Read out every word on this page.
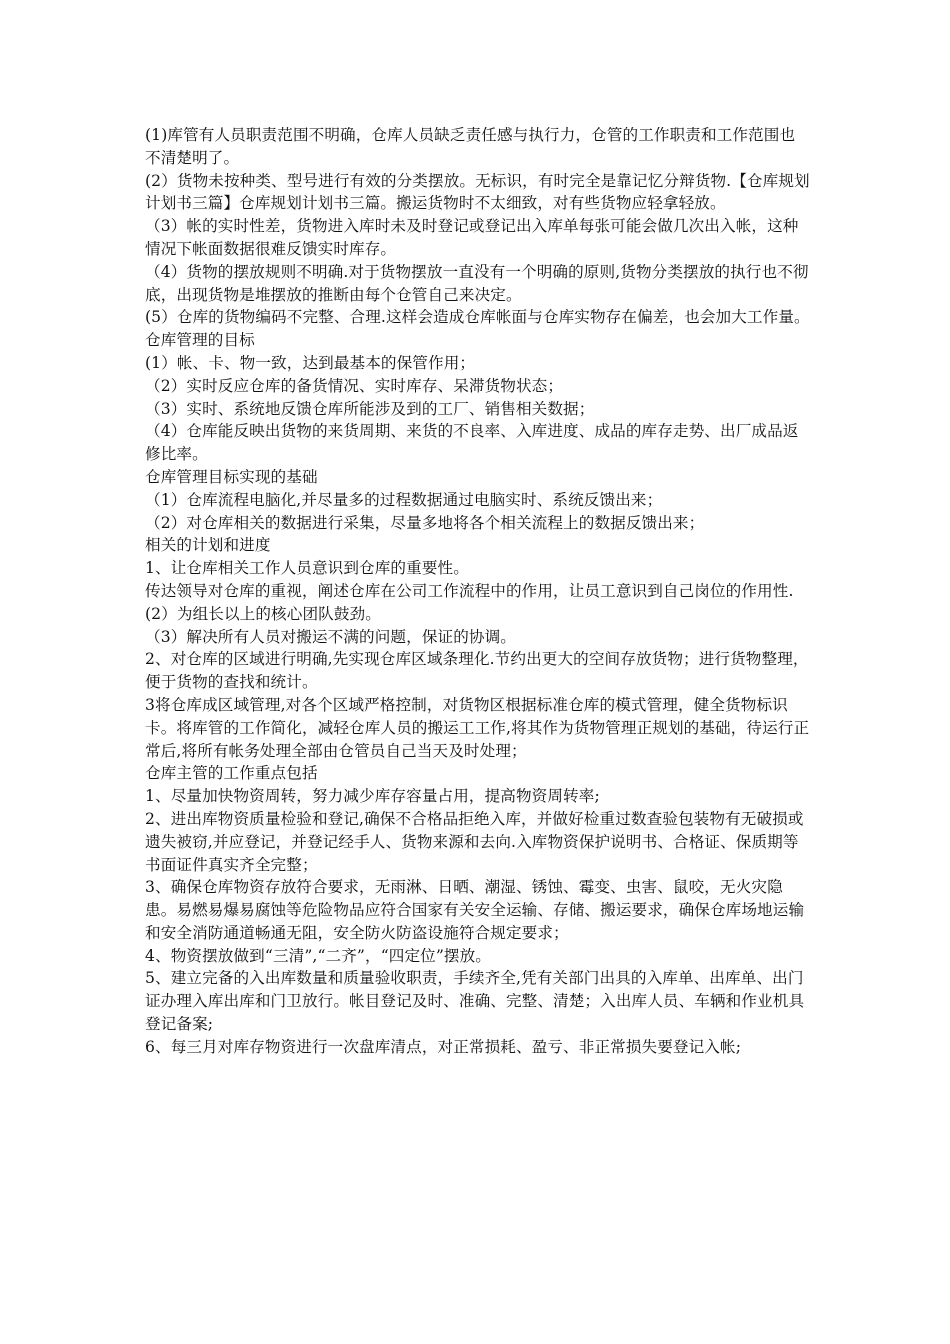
(1)库管有人员职责范围不明确，仓库人员缺乏责任感与执行力，仓管的工作职责和工作范围也不清楚明了。

(2）货物未按种类、型号进行有效的分类摆放。无标识，有时完全是靠记忆分辩货物.【仓库规划计划书三篇】仓库规划计划书三篇。搬运货物时不太细致，对有些货物应轻拿轻放。

（3）帐的实时性差，货物进入库时未及时登记或登记出入库单每张可能会做几次出入帐，这种情况下帐面数据很难反馈实时库存。

（4）货物的摆放规则不明确.对于货物摆放一直没有一个明确的原则,货物分类摆放的执行也不彻底，出现货物是堆摆放的推断由每个仓管自己来决定。

(5）仓库的货物编码不完整、合理.这样会造成仓库帐面与仓库实物存在偏差，也会加大工作量。

仓库管理的目标

(1）帐、卡、物一致，达到最基本的保管作用；

（2）实时反应仓库的备货情况、实时库存、呆滞货物状态；

（3）实时、系统地反馈仓库所能涉及到的工厂、销售相关数据；

（4）仓库能反映出货物的来货周期、来货的不良率、入库进度、成品的库存走势、出厂成品返修比率。

仓库管理目标实现的基础

（1）仓库流程电脑化,并尽量多的过程数据通过电脑实时、系统反馈出来；

（2）对仓库相关的数据进行采集，尽量多地将各个相关流程上的数据反馈出来；

相关的计划和进度

1、让仓库相关工作人员意识到仓库的重要性。

传达领导对仓库的重视，阐述仓库在公司工作流程中的作用，让员工意识到自己岗位的作用性.

(2）为组长以上的核心团队鼓劲。

（3）解决所有人员对搬运不满的问题，保证的协调。

2、对仓库的区域进行明确,先实现仓库区域条理化.节约出更大的空间存放货物；进行货物整理，便于货物的查找和统计。

3将仓库成区域管理,对各个区域严格控制，对货物区根据标准仓库的模式管理，健全货物标识卡。将库管的工作简化，减轻仓库人员的搬运工工作,将其作为货物管理正规划的基础，待运行正常后,将所有帐务处理全部由仓管员自己当天及时处理；

仓库主管的工作重点包括

1、尽量加快物资周转，努力减少库存容量占用，提高物资周转率;

2、进出库物资质量检验和登记,确保不合格品拒绝入库，并做好检重过数查验包装物有无破损或遗失被窃,并应登记，并登记经手人、货物来源和去向.入库物资保护说明书、合格证、保质期等书面证件真实齐全完整；

3、确保仓库物资存放符合要求，无雨淋、日晒、潮湿、锈蚀、霉变、虫害、鼠咬，无火灾隐患。易燃易爆易腐蚀等危险物品应符合国家有关安全运输、存储、搬运要求，确保仓库场地运输和安全消防通道畅通无阻，安全防火防盗设施符合规定要求；

4、物资摆放做到“三清”,“二齐”，“四定位”摆放。

5、建立完备的入出库数量和质量验收职责，手续齐全,凭有关部门出具的入库单、出库单、出门证办理入库出库和门卫放行。帐目登记及时、准确、完整、清楚；入出库人员、车辆和作业机具登记备案;

6、每三月对库存物资进行一次盘库清点，对正常损耗、盈亏、非正常损失要登记入帐;
